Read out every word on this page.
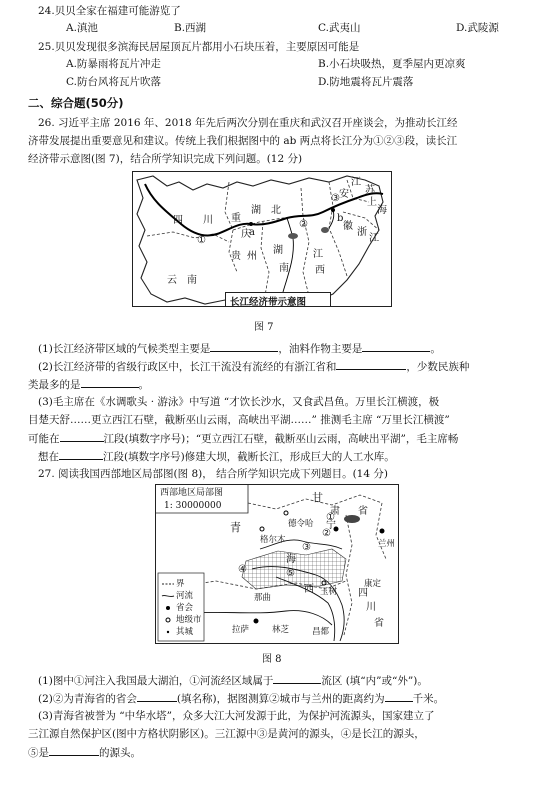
24.贝贝全家在福建可能游览了
A.滇池	B.西湖	C.武夷山	D.武陵源
25.贝贝发现很多滨海民居屋顶瓦片都用小石块压着，主要原因可能是
A.防暴雨将瓦片冲走	B.小石块吸热，夏季屋内更凉爽
C.防台风将瓦片吹落	D.防地震将瓦片震落
二、综合题(50分)
26. 习近平主席 2016 年、2018 年先后两次分别在重庆和武汉召开座谈会，为推动长江经
济带发展提出重要意见和建议。传统上我们根据图中的 ab 两点将长江分为①②③段，读长江
经济带示意图(图 7)，结合所学知识完成下列问题。(12 分)
四 川
湖 北
重
庆
贵 州
湖
南
云 南
江
西
安
徽
江
苏
上
海
浙
江
①
②
③
a
b
长江经济带示意图
图 7
(1)长江经济带区域的气候类型主要是	，油料作物主要是	。
(2)长江经济带的省级行政区中，长江干流没有流经的有浙江省和	，少数民族种
类最多的是	。
(3)毛主席在《水调歌头 · 游泳》中写道 “才饮长沙水，又食武昌鱼。万里长江横渡，极
目楚天舒……更立西江石壁，截断巫山云雨，高峡出平湖……” 推测毛主席 “万里长江横渡”
可能在	江段(填数字序号)；“更立西江石壁，截断巫山云雨，高峡出平湖”，毛主席畅
想在	江段(填数字序号)修建大坝，截断长江，形成巨大的人工水库。
27. 阅读我国西部地区局部图(图 8)， 结合所学知识完成下列题目。(14 分)
西部地区局部图
1: 30000000
甘
肃 省
青
海
德令哈
格尔木
西
宁
兰州
④	⑤
玉树
那曲	四
川
康定
拉萨	林芝	昌都
①
②
③
省
界
河流
省会
地级市
其城
图 8
(1)图中①河注入我国最大湖泊，①河流经区域属于	流区 (填“内”或“外”)。
(2)②为青海省的省会	(填名称)，据图测算②城市与兰州的距离约为	千米。
(3)青海省被誉为 “中华水塔”，众多大江大河发源于此，为保护河流源头，国家建立了
三江源自然保护区(图中方格状阴影区)。三江源中③是黄河的源头，④是长江的源头，
⑤是	的源头。
